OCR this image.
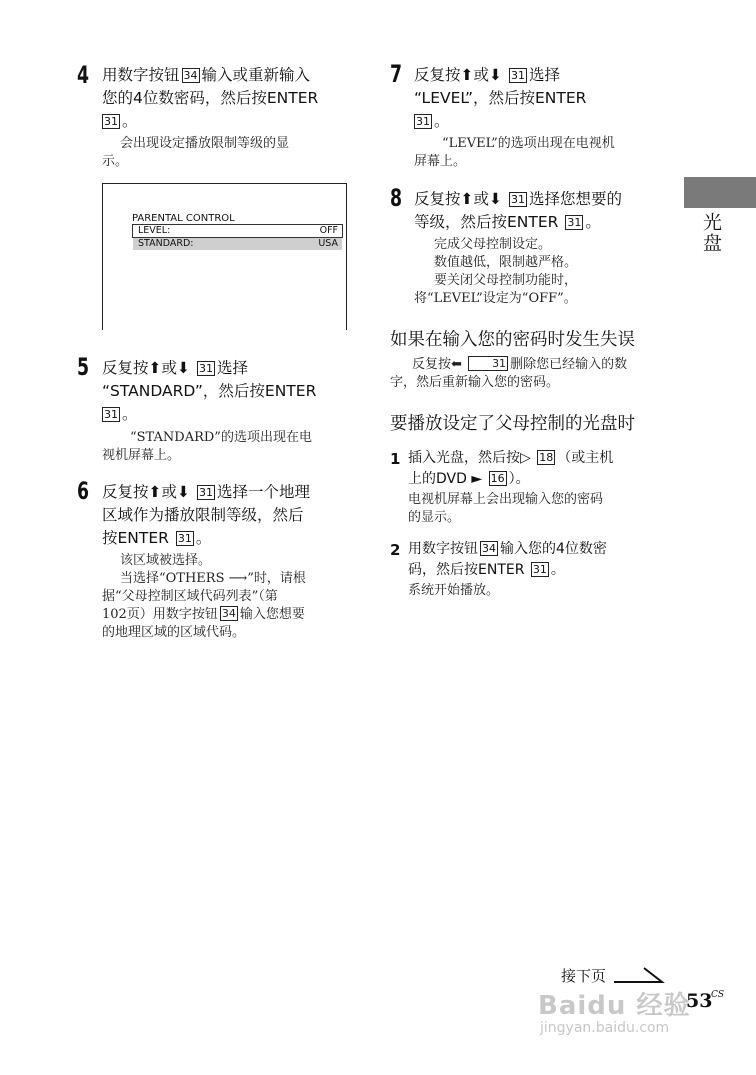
4 用数字按钮 34 输入或重新输入
您的4位数密码，然后按ENTER
31 。
会出现设定播放限制等级的显
示。
PARENTAL CONTROL
LEVEL:	OFF
STANDARD:	USA
5 反复按⬆或⬇ 31 选择
“STANDARD”，然后按ENTER
31 。
“STANDARD”的选项出现在电
视机屏幕上。
6 反复按⬆或⬇ 31 选择一个地理
区域作为播放限制等级，然后
按ENTER 31 。
该区域被选择。
当选择“OTHERS ⟶”时，请根
据“父母控制区域代码列表”（第
102页）用数字按钮 34 输入您想要
的地理区域的区域代码。
7 反复按⬆或⬇ 31 选择
“LEVEL”，然后按ENTER
31 。
“LEVEL”的选项出现在电视机
屏幕上。
8 反复按⬆或⬇ 31 选择您想要的
等级，然后按ENTER 31 。
完成父母控制设定。
数值越低，限制越严格。
要关闭父母控制功能时，
将“LEVEL”设定为“OFF”。
如果在输入您的密码时发生失误
反复按⬅	31 删除您已经输入的数
字，然后重新输入您的密码。
要播放设定了父母控制的光盘时
1 插入光盘，然后按▷ 18 （或主机
上的DVD ► 16 ）。
电视机屏幕上会出现输入您的密码
的显示。
2 用数字按钮 34 输入您的4位数密
码，然后按ENTER 31 。
系统开始播放。
光盘
接下页
53
CS
Baidu 经验
jingyan.baidu.com
